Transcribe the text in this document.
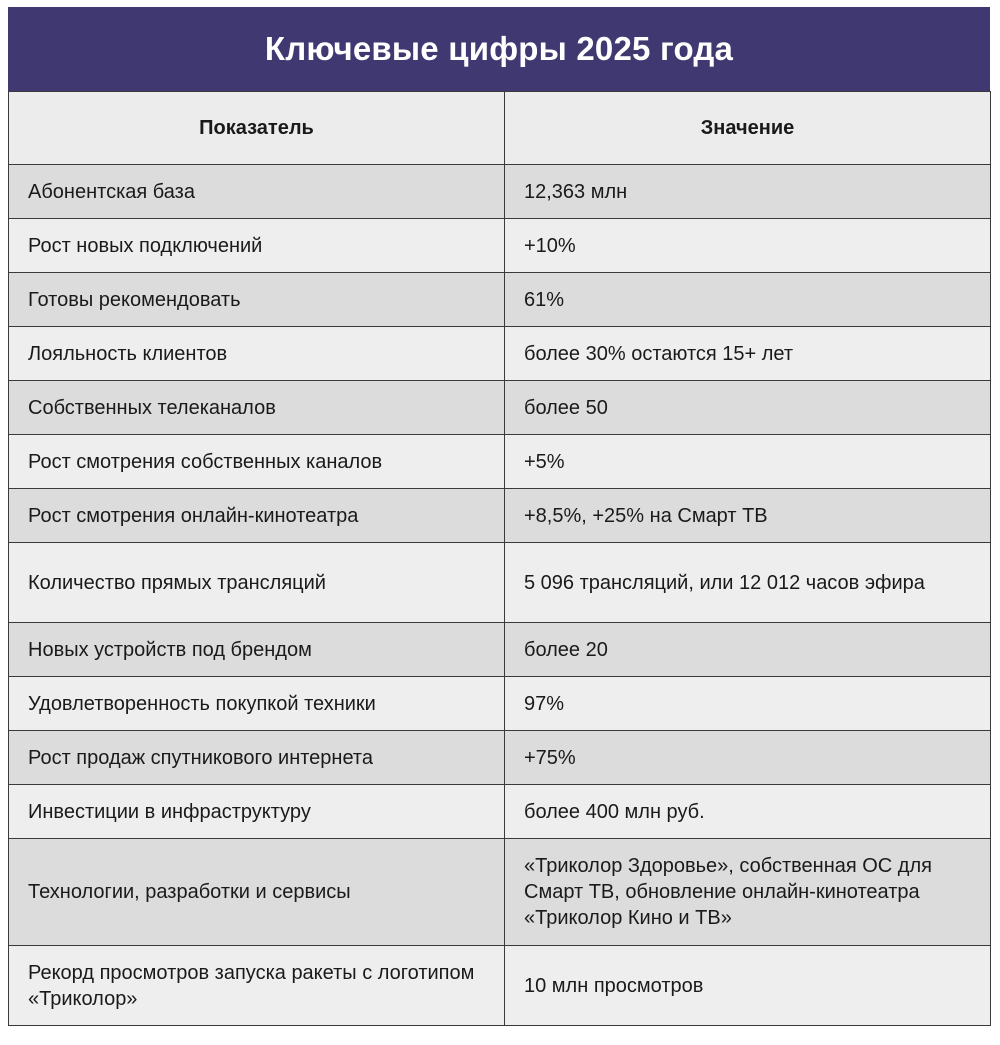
Ключевые цифры 2025 года
Показатель	Значение
Абонентская база	12,363 млн
Рост новых подключений	+10%
Готовы рекомендовать	61%
Лояльность клиентов	более 30% остаются 15+ лет
Собственных телеканалов	более 50
Рост смотрения собственных каналов	+5%
Рост смотрения онлайн-кинотеатра	+8,5%, +25% на Смарт ТВ
Количество прямых трансляций	5 096 трансляций, или 12 012 часов эфира
Новых устройств под брендом	более 20
Удовлетворенность покупкой техники	97%
Рост продаж спутникового интернета	+75%
Инвестиции в инфраструктуру	более 400 млн руб.
Технологии, разработки и сервисы	«Триколор Здоровье», собственная ОС для Смарт ТВ, обновление онлайн-кинотеатра «Триколор Кино и ТВ»
Рекорд просмотров запуска ракеты с логотипом «Триколор»	10 млн просмотров
